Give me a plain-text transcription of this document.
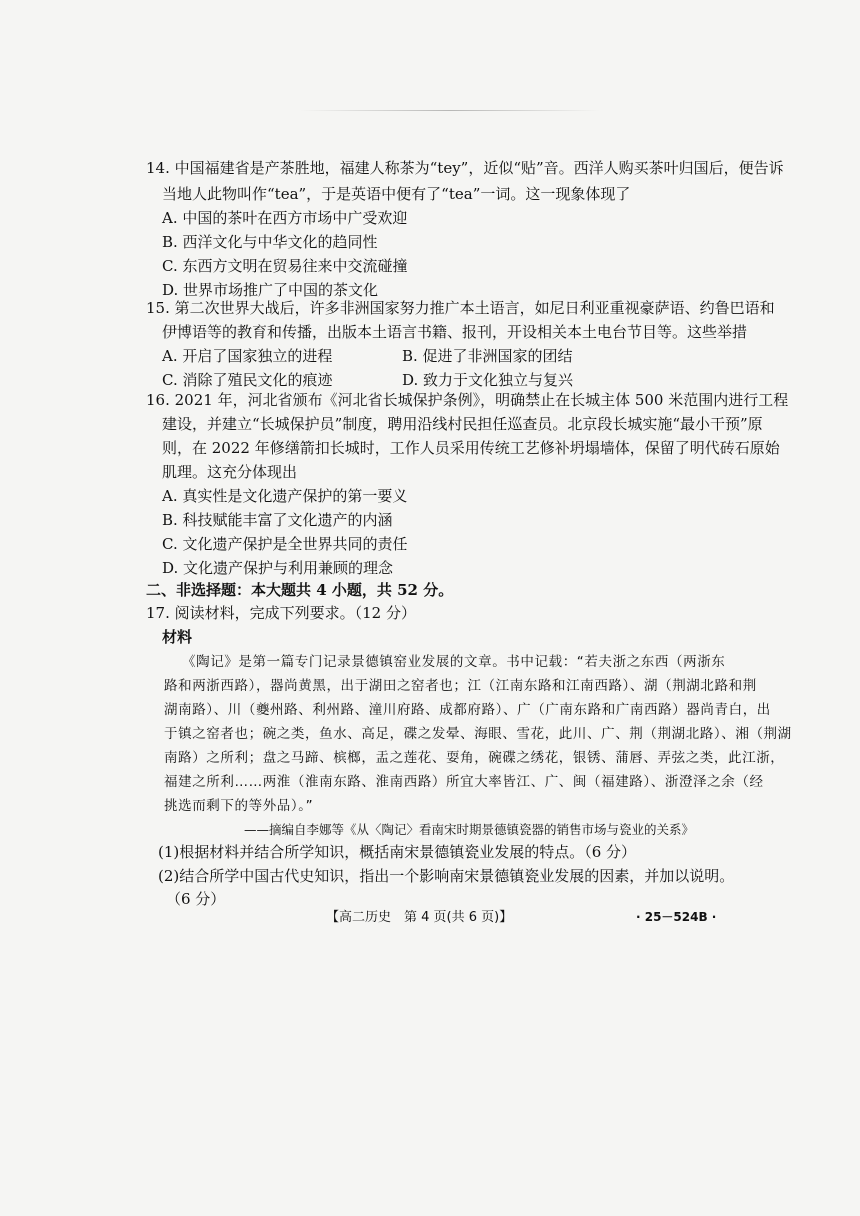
14. 中国福建省是产茶胜地，福建人称茶为“tey”，近似“贴”音。西洋人购买茶叶归国后，便告诉
当地人此物叫作“tea”，于是英语中便有了“tea”一词。这一现象体现了
A. 中国的茶叶在西方市场中广受欢迎
B. 西洋文化与中华文化的趋同性
C. 东西方文明在贸易往来中交流碰撞
D. 世界市场推广了中国的茶文化
15. 第二次世界大战后，许多非洲国家努力推广本土语言，如尼日利亚重视豪萨语、约鲁巴语和
伊博语等的教育和传播，出版本土语言书籍、报刊，开设相关本土电台节目等。这些举措
A. 开启了国家独立的进程	B. 促进了非洲国家的团结
C. 消除了殖民文化的痕迹	D. 致力于文化独立与复兴
16. 2021 年，河北省颁布《河北省长城保护条例》，明确禁止在长城主体 500 米范围内进行工程
建设，并建立“长城保护员”制度，聘用沿线村民担任巡查员。北京段长城实施“最小干预”原
则，在 2022 年修缮箭扣长城时，工作人员采用传统工艺修补坍塌墙体，保留了明代砖石原始
肌理。这充分体现出
A. 真实性是文化遗产保护的第一要义
B. 科技赋能丰富了文化遗产的内涵
C. 文化遗产保护是全世界共同的责任
D. 文化遗产保护与利用兼顾的理念
二、非选择题：本大题共 4 小题，共 52 分。
17. 阅读材料，完成下列要求。（12 分）
材料
《陶记》是第一篇专门记录景德镇窑业发展的文章。书中记载：“若夫浙之东西（两浙东
路和两浙西路），器尚黄黑，出于湖田之窑者也；江（江南东路和江南西路）、湖（荆湖北路和荆
湖南路）、川（夔州路、利州路、潼川府路、成都府路）、广（广南东路和广南西路）器尚青白，出
于镇之窑者也；碗之类，鱼水、高足，碟之发晕、海眼、雪花，此川、广、荆（荆湖北路）、湘（荆湖
南路）之所利；盘之马蹄、槟榔，盂之莲花、耍角，碗碟之绣花，银锈、蒲唇、弄弦之类，此江浙，
福建之所利……两淮（淮南东路、淮南西路）所宜大率皆江、广、闽（福建路）、浙澄泽之余（经
挑选而剩下的等外品）。”
——摘编自李娜等《从〈陶记〉看南宋时期景德镇瓷器的销售市场与瓷业的关系》
(1)根据材料并结合所学知识，概括南宋景德镇瓷业发展的特点。（6 分）
(2)结合所学中国古代史知识，指出一个影响南宋景德镇瓷业发展的因素，并加以说明。
（6 分）
【高二历史　第 4 页(共 6 页)】	· 25－524B ·
